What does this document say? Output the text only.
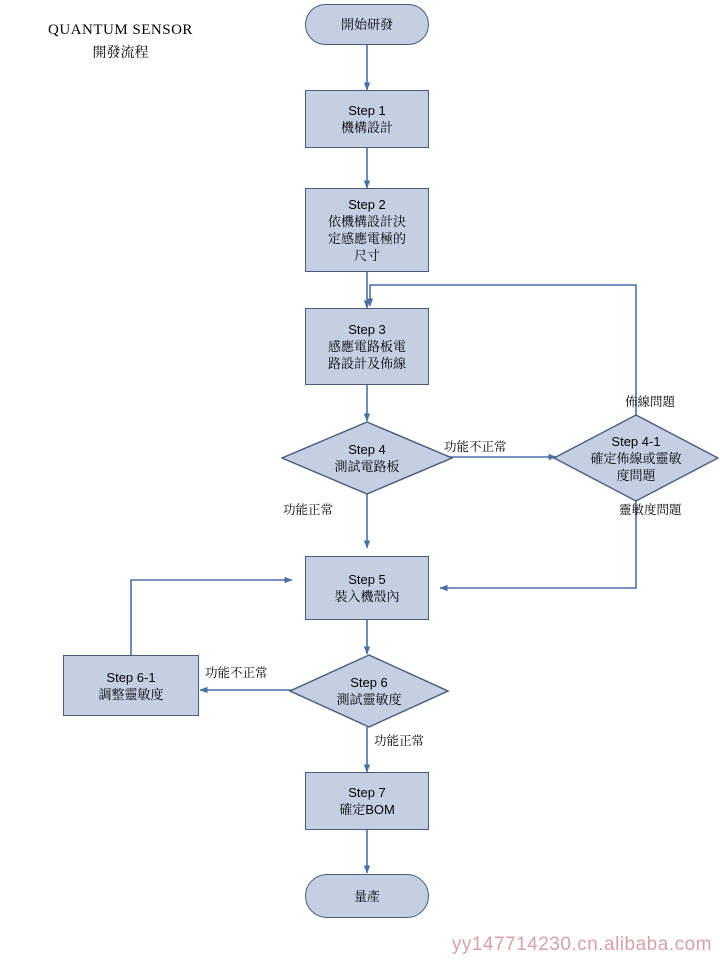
QUANTUM SENSOR
開發流程
開始研發
Step 1
機構設計
Step 2
依機構設計決
定感應電極的
尺寸
Step 3
感應電路板電
路設計及佈線
Step 4
測試電路板
Step 4-1
確定佈線或靈敏
度問題
Step 5
裝入機殼內
Step 6
測試靈敏度
Step 6-1
調整靈敏度
Step 7
確定BOM
量產
功能不正常
佈線問題
功能正常	靈敏度問題
功能不正常
功能正常
yy147714230.cn.alibaba.com
